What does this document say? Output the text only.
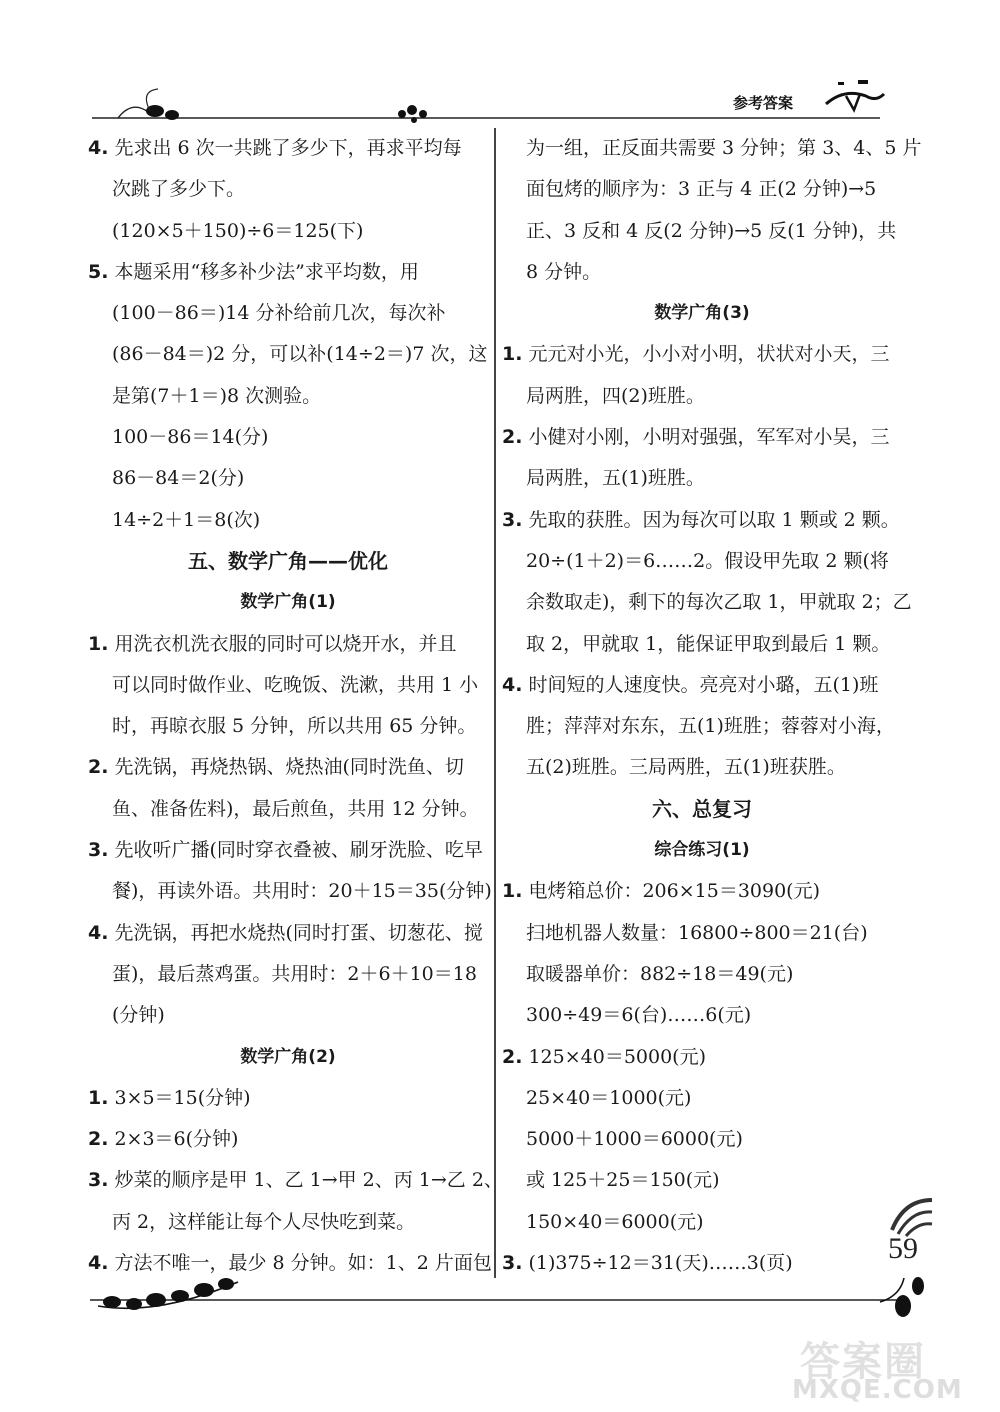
参考答案
4. 先求出 6 次一共跳了多少下，再求平均每
次跳了多少下。
(120×5＋150)÷6＝125(下)
5. 本题采用“移多补少法”求平均数，用
(100－86＝)14 分补给前几次，每次补
(86－84＝)2 分，可以补(14÷2＝)7 次，这
是第(7＋1＝)8 次测验。
100－86＝14(分)
86－84＝2(分)
14÷2＋1＝8(次)
五、数学广角——优化
数学广角(1)
1. 用洗衣机洗衣服的同时可以烧开水，并且
可以同时做作业、吃晚饭、洗漱，共用 1 小
时，再晾衣服 5 分钟，所以共用 65 分钟。
2. 先洗锅，再烧热锅、烧热油(同时洗鱼、切
鱼、准备佐料)，最后煎鱼，共用 12 分钟。
3. 先收听广播(同时穿衣叠被、刷牙洗脸、吃早
餐)，再读外语。共用时：20＋15＝35(分钟)
4. 先洗锅，再把水烧热(同时打蛋、切葱花、搅
蛋)，最后蒸鸡蛋。共用时：2＋6＋10＝18
(分钟)
数学广角(2)
1. 3×5＝15(分钟)
2. 2×3＝6(分钟)
3. 炒菜的顺序是甲 1、乙 1→甲 2、丙 1→乙 2、
丙 2，这样能让每个人尽快吃到菜。
4. 方法不唯一，最少 8 分钟。如：1、2 片面包
为一组，正反面共需要 3 分钟；第 3、4、5 片
面包烤的顺序为：3 正与 4 正(2 分钟)→5
正、3 反和 4 反(2 分钟)→5 反(1 分钟)，共
8 分钟。
数学广角(3)
1. 元元对小光，小小对小明，状状对小天，三
局两胜，四(2)班胜。
2. 小健对小刚，小明对强强，军军对小吴，三
局两胜，五(1)班胜。
3. 先取的获胜。因为每次可以取 1 颗或 2 颗。
20÷(1＋2)＝6……2。假设甲先取 2 颗(将
余数取走)，剩下的每次乙取 1，甲就取 2；乙
取 2，甲就取 1，能保证甲取到最后 1 颗。
4. 时间短的人速度快。亮亮对小璐，五(1)班
胜；萍萍对东东，五(1)班胜；蓉蓉对小海，
五(2)班胜。三局两胜，五(1)班获胜。
六、总复习
综合练习(1)
1. 电烤箱总价：206×15＝3090(元)
扫地机器人数量：16800÷800＝21(台)
取暖器单价：882÷18＝49(元)
300÷49＝6(台)……6(元)
2. 125×40＝5000(元)
25×40＝1000(元)
5000＋1000＝6000(元)
或 125＋25＝150(元)
150×40＝6000(元)
3. (1)375÷12＝31(天)……3(页)	59
答案圈
MXQE.COM
